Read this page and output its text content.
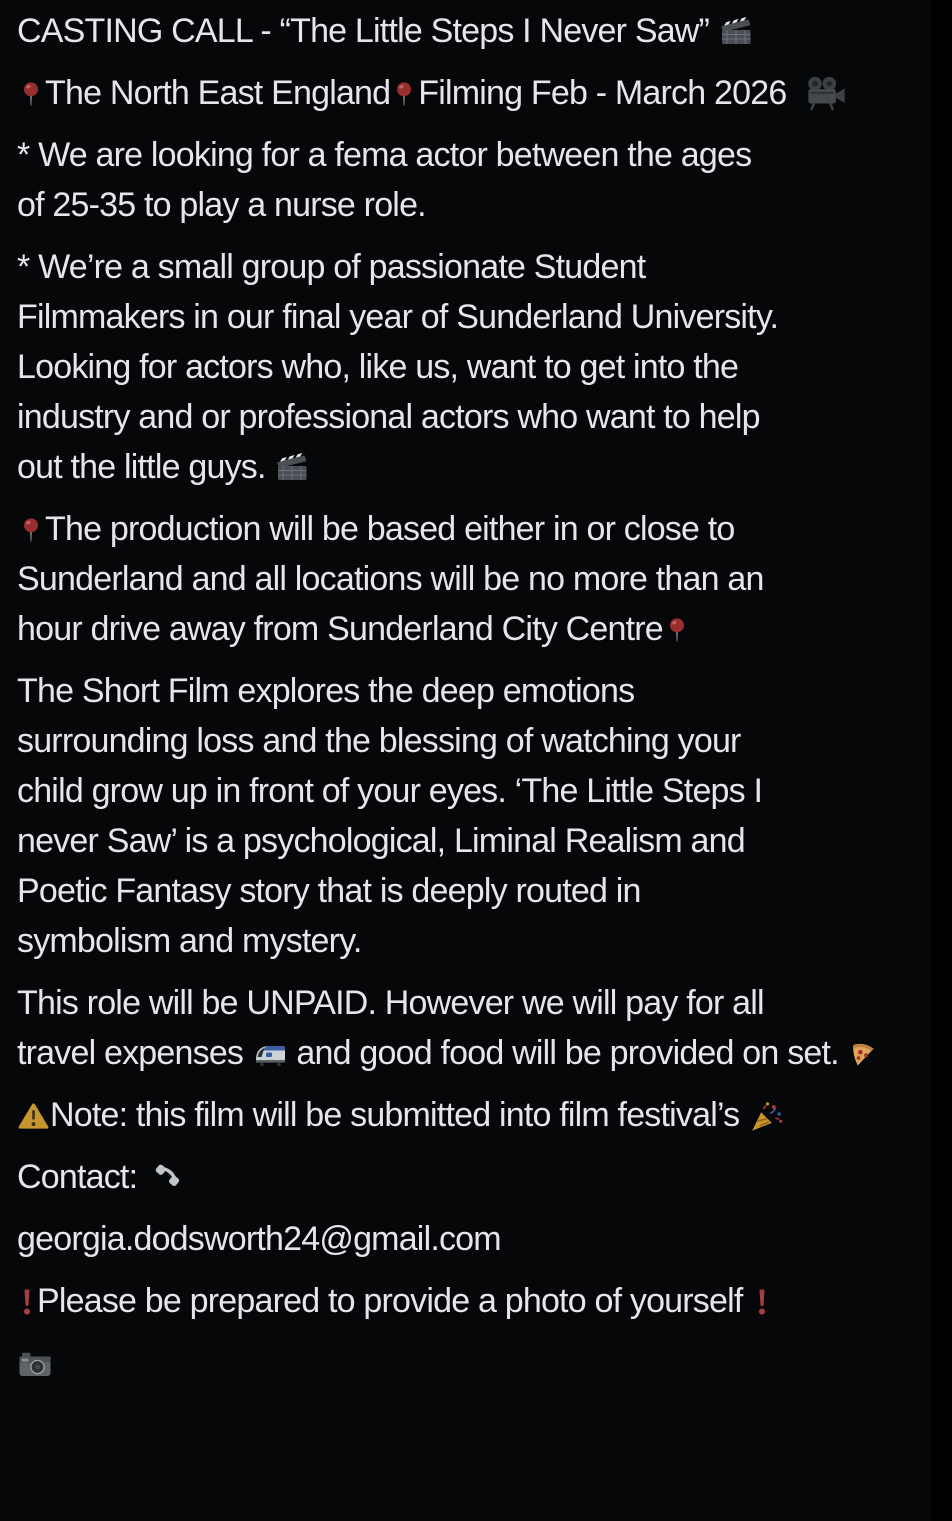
CASTING CALL - “The Little Steps I Never Saw”

The North East England Filming Feb - March 2026

* We are looking for a fema actor between the ages of 25-35 to play a nurse role.

* We’re a small group of passionate Student Filmmakers in our final year of Sunderland University. Looking for actors who, like us, want to get into the industry and or professional actors who want to help out the little guys.

The production will be based either in or close to Sunderland and all locations will be no more than an hour drive away from Sunderland City Centre

The Short Film explores the deep emotions surrounding loss and the blessing of watching your child grow up in front of your eyes. ‘The Little Steps I never Saw’ is a psychological, Liminal Realism and Poetic Fantasy story that is deeply routed in symbolism and mystery.

This role will be UNPAID. However we will pay for all travel expenses  and good food will be provided on set.

Note: this film will be submitted into film festival’s

Contact:

georgia.dodsworth24@gmail.com

Please be prepared to provide a photo of yourself
